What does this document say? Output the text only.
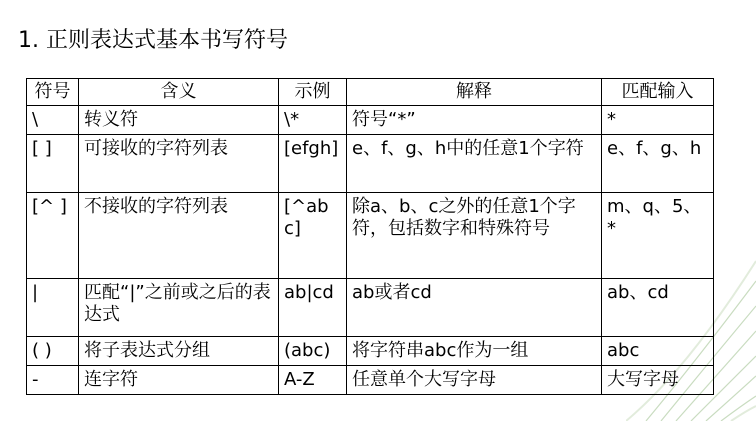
1. 正则表达式基本书写符号
符号	含义	示例	解释	匹配输入
\	转义符	\*	符号“*”	*
[ ]	可接收的字符列表	[efgh]	e、f、g、h中的任意1个字符	e、f、g、h
[^ ]	不接收的字符列表	[^abc]	除a、b、c之外的任意1个字符，包括数字和特殊符号	m、q、5、*
|	匹配“|”之前或之后的表达式	ab|cd	ab或者cd	ab、cd
( )	将子表达式分组	(abc)	将字符串abc作为一组	abc
-	连字符	A-Z	任意单个大写字母	大写字母
